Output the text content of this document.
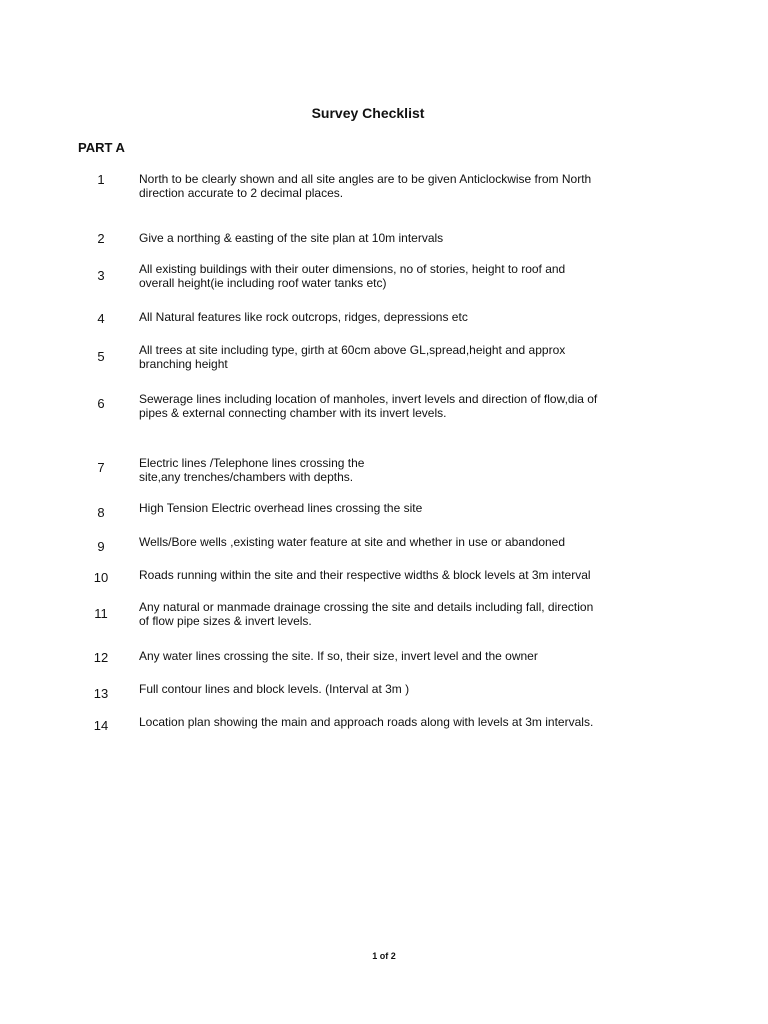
Survey Checklist
PART A
1	North to be clearly shown and all site angles are to be given Anticlockwise from North
direction accurate to 2 decimal places.
2	Give a northing & easting of the site plan at 10m intervals
3	All existing buildings with their outer dimensions, no of stories, height to roof and
overall height(ie including roof water tanks etc)
4	All Natural features like rock outcrops, ridges, depressions etc
5	All trees at site including type, girth at 60cm above GL,spread,height and approx
branching height
6	Sewerage lines including location of manholes, invert levels and direction of flow,dia of
pipes & external connecting chamber with its invert levels.
7	Electric lines /Telephone lines crossing the
site,any trenches/chambers with depths.
8	High Tension Electric overhead lines crossing the site
9	Wells/Bore wells ,existing water feature at site and whether in use or abandoned
10	Roads running within the site and their respective widths & block levels at 3m interval
11	Any natural or manmade drainage crossing the site and details including fall, direction
of flow pipe sizes & invert levels.
12	Any water lines crossing the site. If so, their size, invert level and the owner
13	Full contour lines and block levels. (Interval at 3m )
14	Location plan showing the main and approach roads along with levels at 3m intervals.
1 of 2
